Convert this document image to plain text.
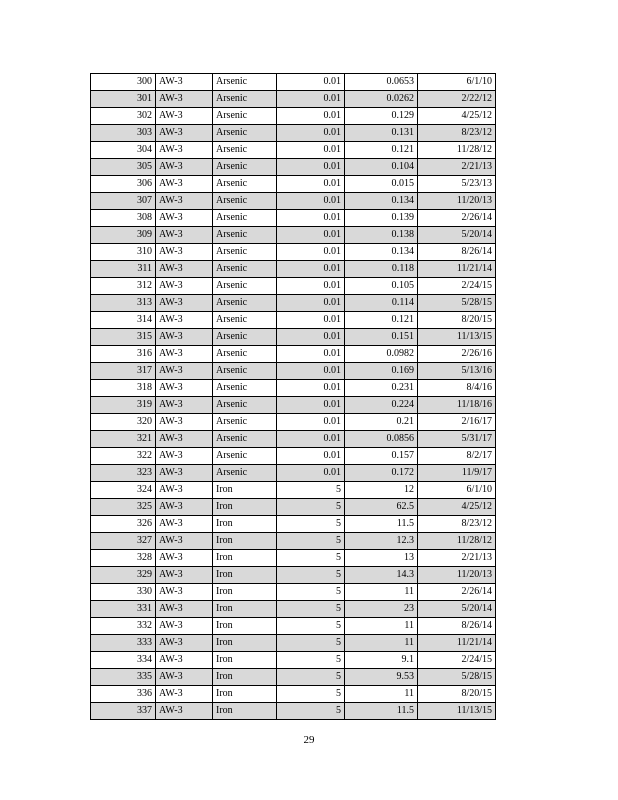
300	AW-3	Arsenic	0.01	0.0653	6/1/10
301	AW-3	Arsenic	0.01	0.0262	2/22/12
302	AW-3	Arsenic	0.01	0.129	4/25/12
303	AW-3	Arsenic	0.01	0.131	8/23/12
304	AW-3	Arsenic	0.01	0.121	11/28/12
305	AW-3	Arsenic	0.01	0.104	2/21/13
306	AW-3	Arsenic	0.01	0.015	5/23/13
307	AW-3	Arsenic	0.01	0.134	11/20/13
308	AW-3	Arsenic	0.01	0.139	2/26/14
309	AW-3	Arsenic	0.01	0.138	5/20/14
310	AW-3	Arsenic	0.01	0.134	8/26/14
311	AW-3	Arsenic	0.01	0.118	11/21/14
312	AW-3	Arsenic	0.01	0.105	2/24/15
313	AW-3	Arsenic	0.01	0.114	5/28/15
314	AW-3	Arsenic	0.01	0.121	8/20/15
315	AW-3	Arsenic	0.01	0.151	11/13/15
316	AW-3	Arsenic	0.01	0.0982	2/26/16
317	AW-3	Arsenic	0.01	0.169	5/13/16
318	AW-3	Arsenic	0.01	0.231	8/4/16
319	AW-3	Arsenic	0.01	0.224	11/18/16
320	AW-3	Arsenic	0.01	0.21	2/16/17
321	AW-3	Arsenic	0.01	0.0856	5/31/17
322	AW-3	Arsenic	0.01	0.157	8/2/17
323	AW-3	Arsenic	0.01	0.172	11/9/17
324	AW-3	Iron	5	12	6/1/10
325	AW-3	Iron	5	62.5	4/25/12
326	AW-3	Iron	5	11.5	8/23/12
327	AW-3	Iron	5	12.3	11/28/12
328	AW-3	Iron	5	13	2/21/13
329	AW-3	Iron	5	14.3	11/20/13
330	AW-3	Iron	5	11	2/26/14
331	AW-3	Iron	5	23	5/20/14
332	AW-3	Iron	5	11	8/26/14
333	AW-3	Iron	5	11	11/21/14
334	AW-3	Iron	5	9.1	2/24/15
335	AW-3	Iron	5	9.53	5/28/15
336	AW-3	Iron	5	11	8/20/15
337	AW-3	Iron	5	11.5	11/13/15
29
